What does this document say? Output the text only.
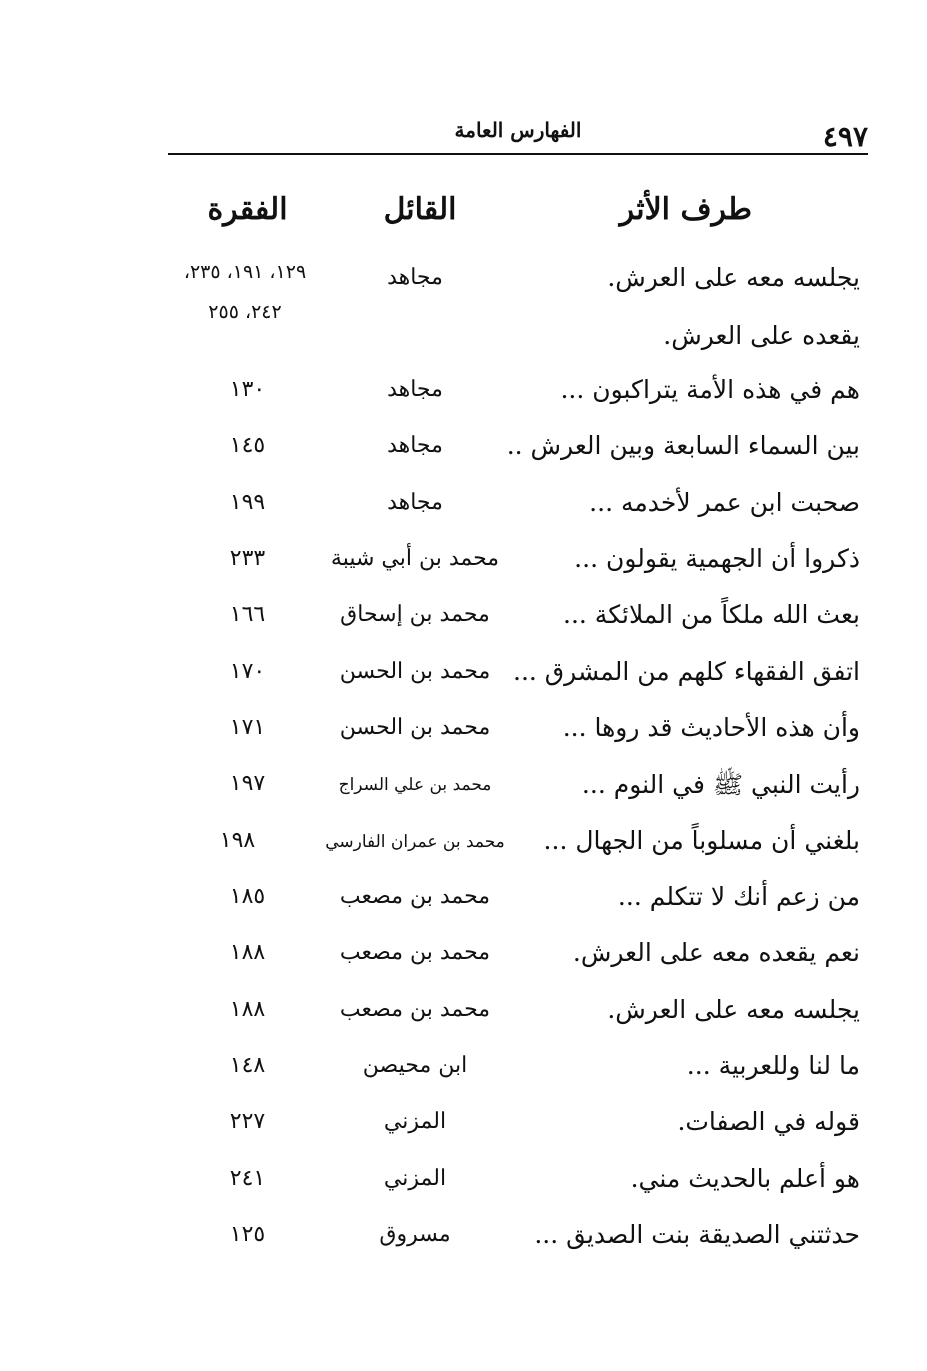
٤٩٧
الفهارس العامة
طرف الأثر
القائل
الفقرة
١٢٩، ١٩١، ٢٣٥،
٢٤٢، ٢٥٥
يجلسه معه على العرش.
مجاهد
يقعده على العرش.
هم في هذه الأمة يتراكبون ...
مجاهد
١٣٠
بين السماء السابعة وبين العرش ..
مجاهد
١٤٥
صحبت ابن عمر لأخدمه ...
مجاهد
١٩٩
ذكروا أن الجهمية يقولون ...
محمد بن أبي شيبة
٢٣٣
بعث الله ملكاً من الملائكة ...
محمد بن إسحاق
١٦٦
اتفق الفقهاء كلهم من المشرق ...
محمد بن الحسن
١٧٠
وأن هذه الأحاديث قد روها ...
محمد بن الحسن
١٧١
رأيت النبي ﷺ في النوم ...
محمد بن علي السراج
١٩٧
بلغني أن مسلوباً من الجهال ...
محمد بن عمران الفارسي
١٩٨
من زعم أنك لا تتكلم ...
محمد بن مصعب
١٨٥
نعم يقعده معه على العرش.
محمد بن مصعب
١٨٨
يجلسه معه على العرش.
محمد بن مصعب
١٨٨
ما لنا وللعربية ...
ابن محيصن
١٤٨
قوله في الصفات.
المزني
٢٢٧
هو أعلم بالحديث مني.
المزني
٢٤١
حدثتني الصديقة بنت الصديق ...
مسروق
١٢٥
